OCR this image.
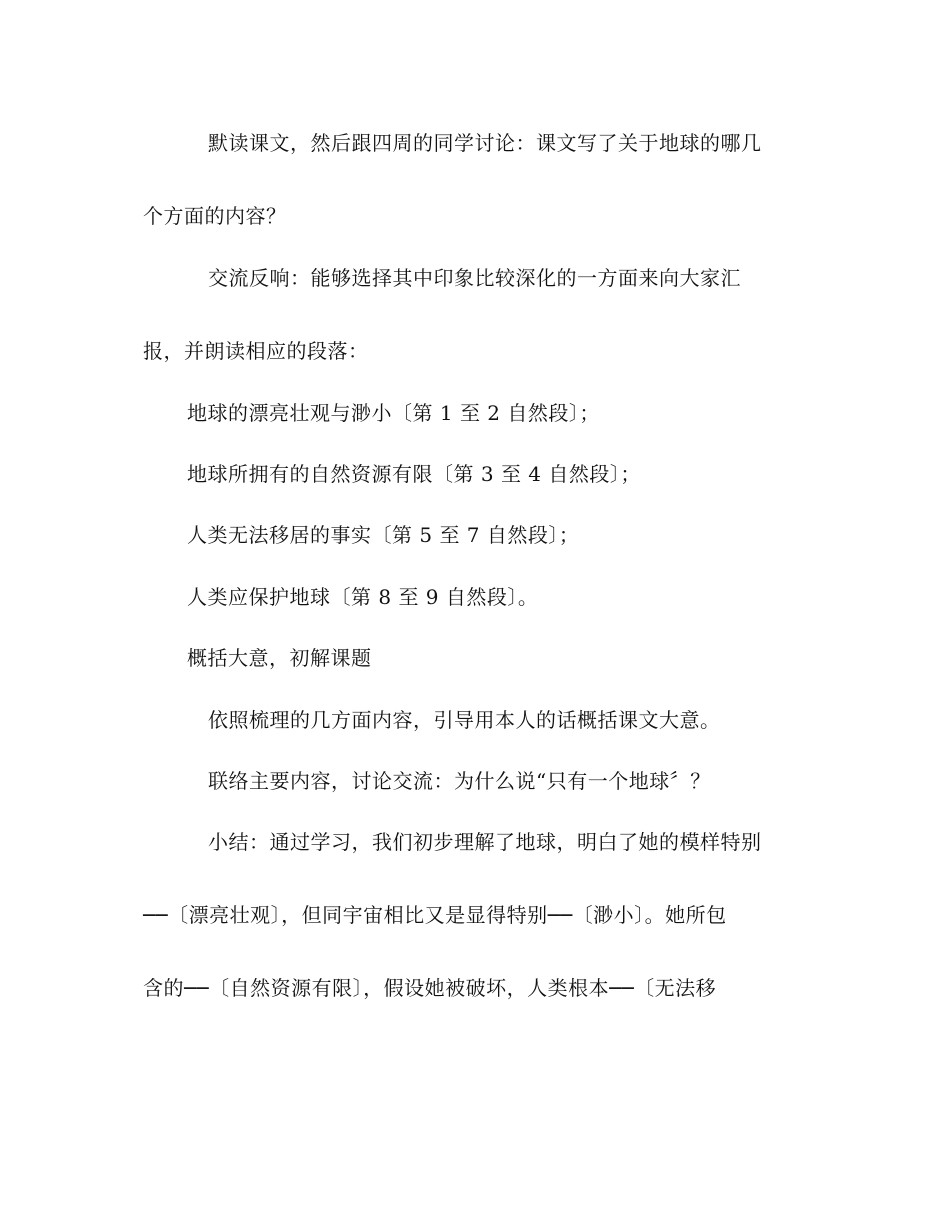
默读课文，然后跟四周的同学讨论：课文写了关于地球的哪几
个方面的内容？
交流反响：能够选择其中印象比较深化的一方面来向大家汇
报，并朗读相应的段落：
地球的漂亮壮观与渺小〔第 1 至 2 自然段〕；
地球所拥有的自然资源有限〔第 3 至 4 自然段〕；
人类无法移居的事实〔第 5 至 7 自然段〕；
人类应保护地球〔第 8 至 9 自然段〕。
概括大意，初解课题
依照梳理的几方面内容，引导用本人的话概括课文大意。
联络主要内容，讨论交流：为什么说“只有一个地球〞？
小结：通过学习，我们初步理解了地球，明白了她的模样特别
──〔漂亮壮观〕，但同宇宙相比又是显得特别──〔渺小〕。她所包
含的──〔自然资源有限〕，假设她被破坏，人类根本──〔无法移
